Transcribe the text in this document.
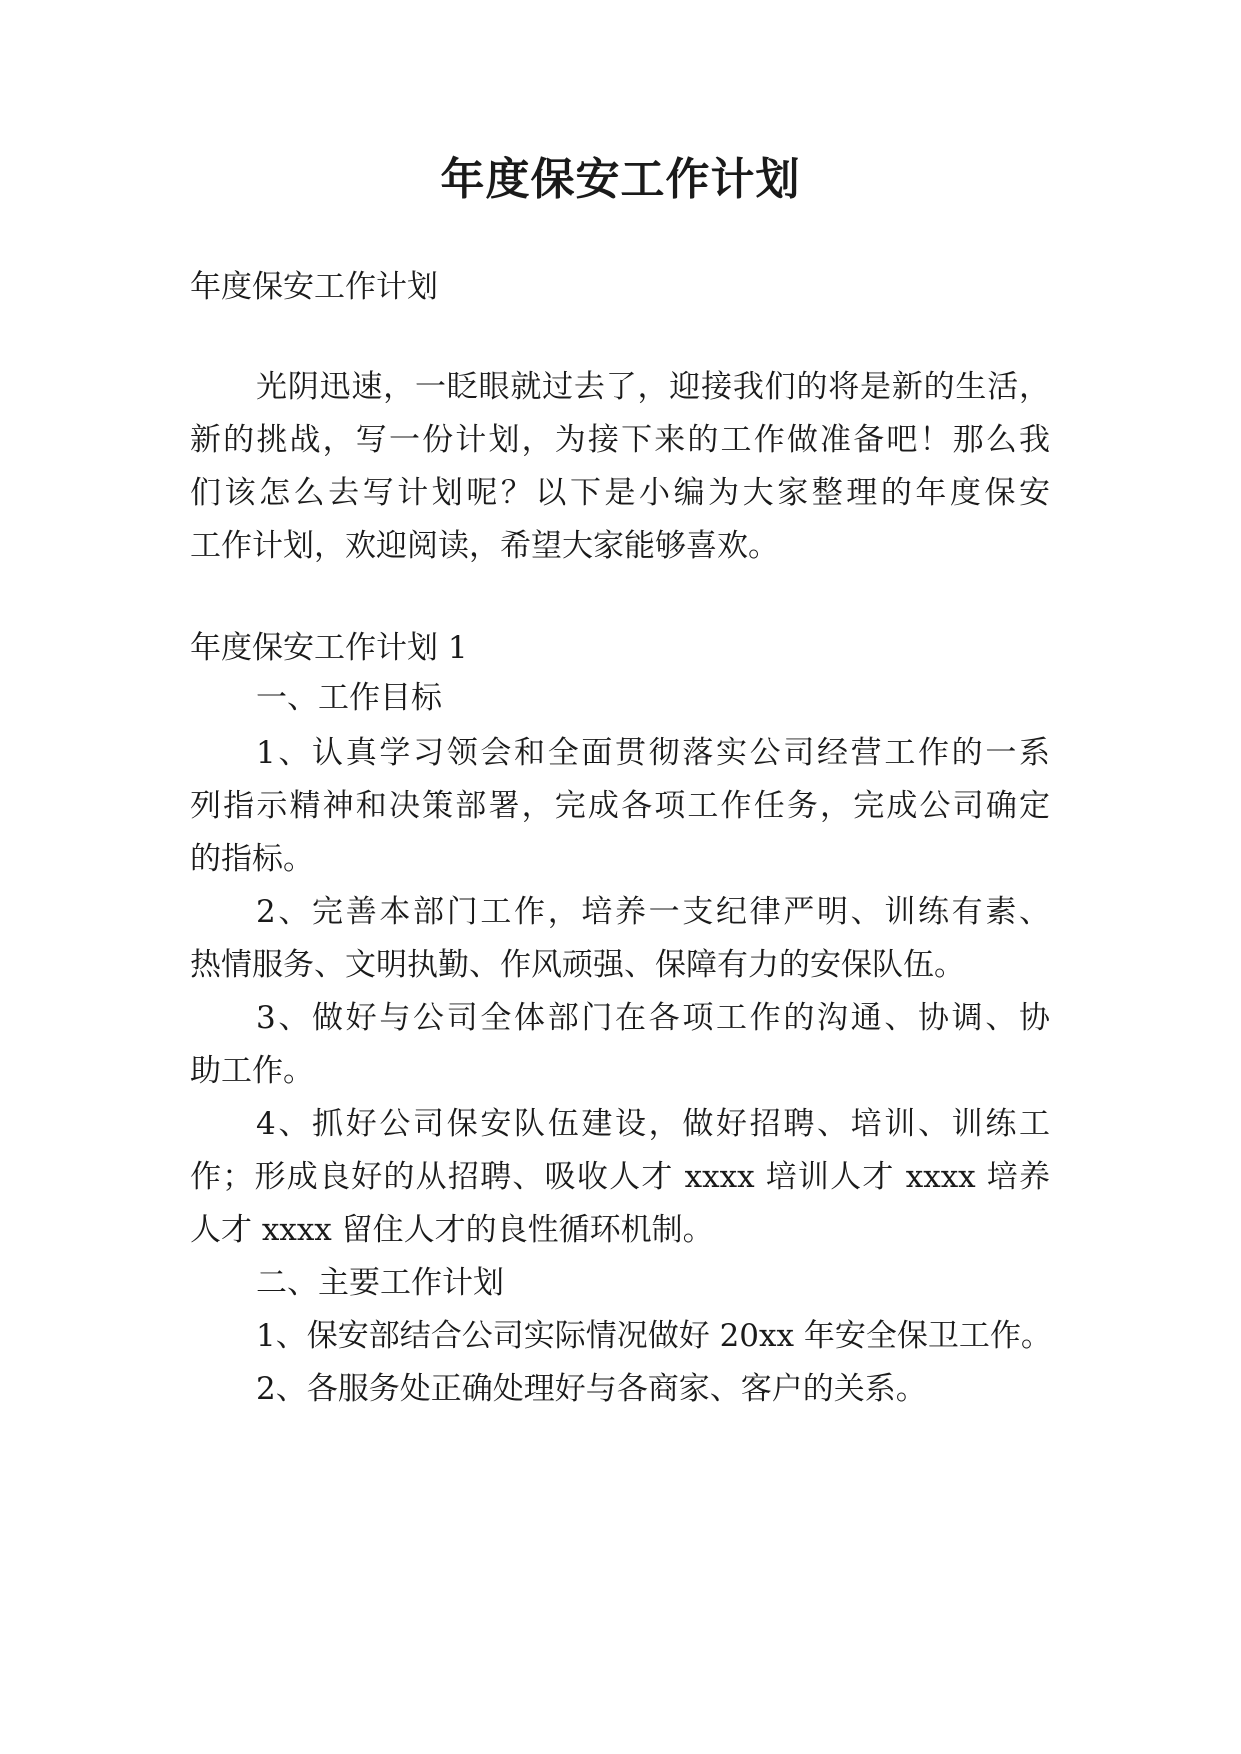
年度保安工作计划
年度保安工作计划
光阴迅速，一眨眼就过去了，迎接我们的将是新的生活，
新的挑战，写一份计划，为接下来的工作做准备吧！那么我
们该怎么去写计划呢？以下是小编为大家整理的年度保安
工作计划，欢迎阅读，希望大家能够喜欢。
年度保安工作计划 1
一、工作目标
1、认真学习领会和全面贯彻落实公司经营工作的一系
列指示精神和决策部署，完成各项工作任务，完成公司确定
的指标。
2、完善本部门工作，培养一支纪律严明、训练有素、
热情服务、文明执勤、作风顽强、保障有力的安保队伍。
3、做好与公司全体部门在各项工作的沟通、协调、协
助工作。
4、抓好公司保安队伍建设，做好招聘、培训、训练工
作；形成良好的从招聘、吸收人才 xxxx 培训人才 xxxx 培养
人才 xxxx 留住人才的良性循环机制。
二、主要工作计划
1、保安部结合公司实际情况做好 20xx 年安全保卫工作。
2、各服务处正确处理好与各商家、客户的关系。
